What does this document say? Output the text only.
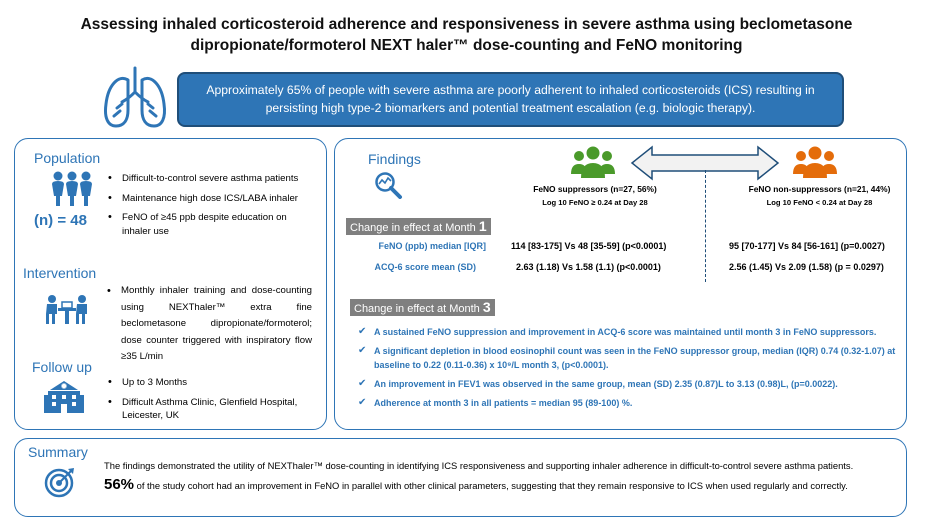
Assessing inhaled corticosteroid adherence and responsiveness in severe asthma using beclometasone
dipropionate/formoterol NEXT haler™ dose-counting and FeNO monitoring
Approximately 65% of people with severe asthma are poorly adherent to inhaled corticosteroids (ICS) resulting in persisting high type-2 biomarkers and potential treatment escalation (e.g. biologic therapy).
Population
(n) = 48
• Difficult-to-control severe asthma patients
• Maintenance high dose ICS/LABA inhaler
• FeNO of ≥45 ppb despite education on inhaler use
Intervention
• Monthly inhaler training and dose-counting using NEXThaler™ extra fine beclometasone dipropionate/formoterol; dose counter triggered with inspiratory flow ≥35 L/min
Follow up
• Up to 3 Months
• Difficult Asthma Clinic, Glenfield Hospital, Leicester, UK
Findings
FeNO suppressors (n=27, 56%)
Log 10 FeNO ≥ 0.24 at Day 28
FeNO non-suppressors (n=21, 44%)
Log 10 FeNO < 0.24 at Day 28
Change in effect at Month 1
FeNO (ppb) median [IQR]	114 [83-175] Vs 48 [35-59] (p<0.0001)	95 [70-177] Vs 84 [56-161] (p=0.0027)
ACQ-6 score mean (SD)	2.63 (1.18) Vs 1.58 (1.1) (p<0.0001)	2.56 (1.45) Vs 2.09 (1.58) (p = 0.0297)
Change in effect at Month 3
✔ A sustained FeNO suppression and improvement in ACQ-6 score was maintained until month 3 in FeNO suppressors.
✔ A significant depletion in blood eosinophil count was seen in the FeNO suppressor group, median (IQR) 0.74 (0.32-1.07) at baseline to 0.22 (0.11-0.36) x 10⁹/L month 3, (p<0.0001).
✔ An improvement in FEV1 was observed in the same group, mean (SD) 2.35 (0.87)L to 3.13 (0.98)L, (p=0.0022).
✔ Adherence at month 3 in all patients = median 95 (89-100) %.
Summary
The findings demonstrated the utility of NEXThaler™ dose-counting in identifying ICS responsiveness and supporting inhaler adherence in difficult-to-control severe asthma patients.
56% of the study cohort had an improvement in FeNO in parallel with other clinical parameters, suggesting that they remain responsive to ICS when used regularly and correctly.
